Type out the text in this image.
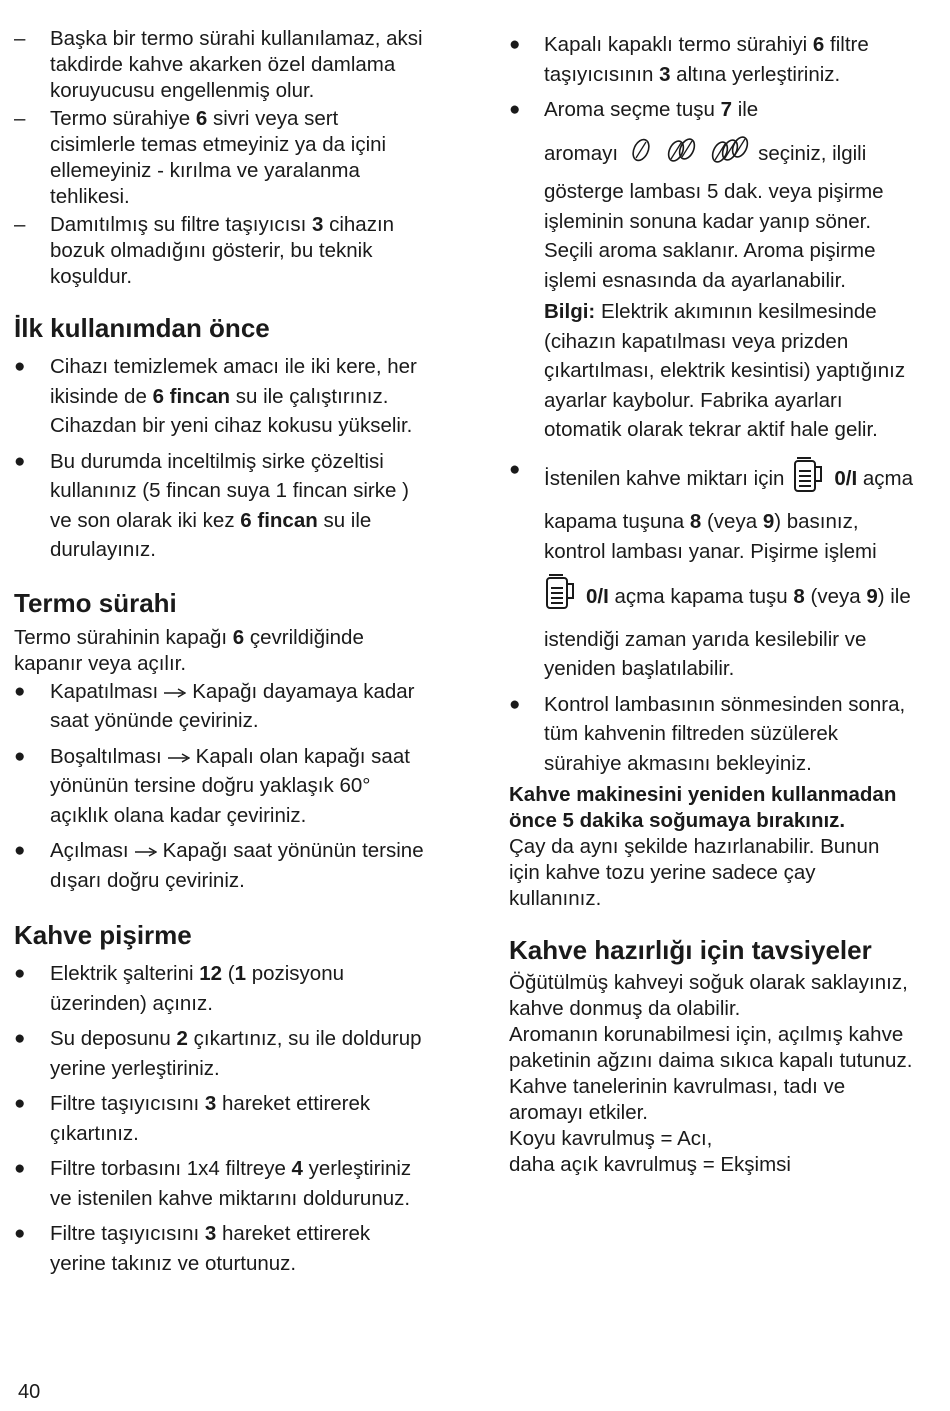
– Başka bir termo sürahi kullanılamaz, aksi
takdirde kahve akarken özel damlama
koruyucusu engellenmiş olur.
– Termo sürahiye 6 sivri veya sert
cisimlerle temas etmeyiniz ya da içini
ellemeyiniz - kırılma ve yaralanma
tehlikesi.
– Damıtılmış su filtre taşıyıcısı 3 cihazın
bozuk olmadığını gösterir, bu teknik
koşuldur.
İlk kullanımdan önce
● Cihazı temizlemek amacı ile iki kere, her
ikisinde de 6 fincan su ile çalıştırınız.
Cihazdan bir yeni cihaz kokusu yükselir.
● Bu durumda inceltilmiş sirke çözeltisi
kullanınız (5 fincan suya 1 fincan sirke )
ve son olarak iki kez 6 fincan su ile
durulayınız.
Termo sürahi
Termo sürahinin kapağı 6 çevrildiğinde
kapanır veya açılır.
● Kapatılması Kapağı dayamaya kadar
saat yönünde çeviriniz.
● Boşaltılması Kapalı olan kapağı saat
yönünün tersine doğru yaklaşık 60°
açıklık olana kadar çeviriniz.
● Açılması Kapağı saat yönünün tersine
dışarı doğru çeviriniz.
Kahve pişirme
● Elektrik şalterini 12 (1 pozisyonu
üzerinden) açınız.
● Su deposunu 2 çıkartınız, su ile doldurup
yerine yerleştiriniz.
● Filtre taşıyıcısını 3 hareket ettirerek
çıkartınız.
● Filtre torbasını 1x4 filtreye 4 yerleştiriniz
ve istenilen kahve miktarını doldurunuz.
● Filtre taşıyıcısını 3 hareket ettirerek
yerine takınız ve oturtunuz.
● Kapalı kapaklı termo sürahiyi 6 filtre
taşıyıcısının 3 altına yerleştiriniz.
● Aroma seçme tuşu 7 ile
aromayı	seçiniz, ilgili
gösterge lambası 5 dak. veya pişirme
işleminin sonuna kadar yanıp söner.
Seçili aroma saklanır. Aroma pişirme
işlemi esnasında da ayarlanabilir.
Bilgi: Elektrik akımının kesilmesinde
(cihazın kapatılması veya prizden
çıkartılması, elektrik kesintisi) yaptığınız
ayarlar kaybolur. Fabrika ayarları
otomatik olarak tekrar aktif hale gelir.
● İstenilen kahve miktarı için 0/I açma
kapama tuşuna 8 (veya 9) basınız,
kontrol lambası yanar. Pişirme işlemi
0/I açma kapama tuşu 8 (veya 9 ) ile
istendiği zaman yarıda kesilebilir ve
yeniden başlatılabilir.
● Kontrol lambasının sönmesinden sonra,
tüm kahvenin filtreden süzülerek
sürahiye akmasını bekleyiniz.
Kahve makinesini yeniden kullanmadan
önce 5 dakika soğumaya bırakınız.
Çay da aynı şekilde hazırlanabilir. Bunun
için kahve tozu yerine sadece çay
kullanınız.
Kahve hazırlığı için tavsiyeler
Öğütülmüş kahveyi soğuk olarak saklayınız,
kahve donmuş da olabilir.
Aromanın korunabilmesi için, açılmış kahve
paketinin ağzını daima sıkıca kapalı tutunuz.
Kahve tanelerinin kavrulması, tadı ve
aromayı etkiler.
Koyu kavrulmuş = Acı,
daha açık kavrulmuş = Ekşimsi
40
